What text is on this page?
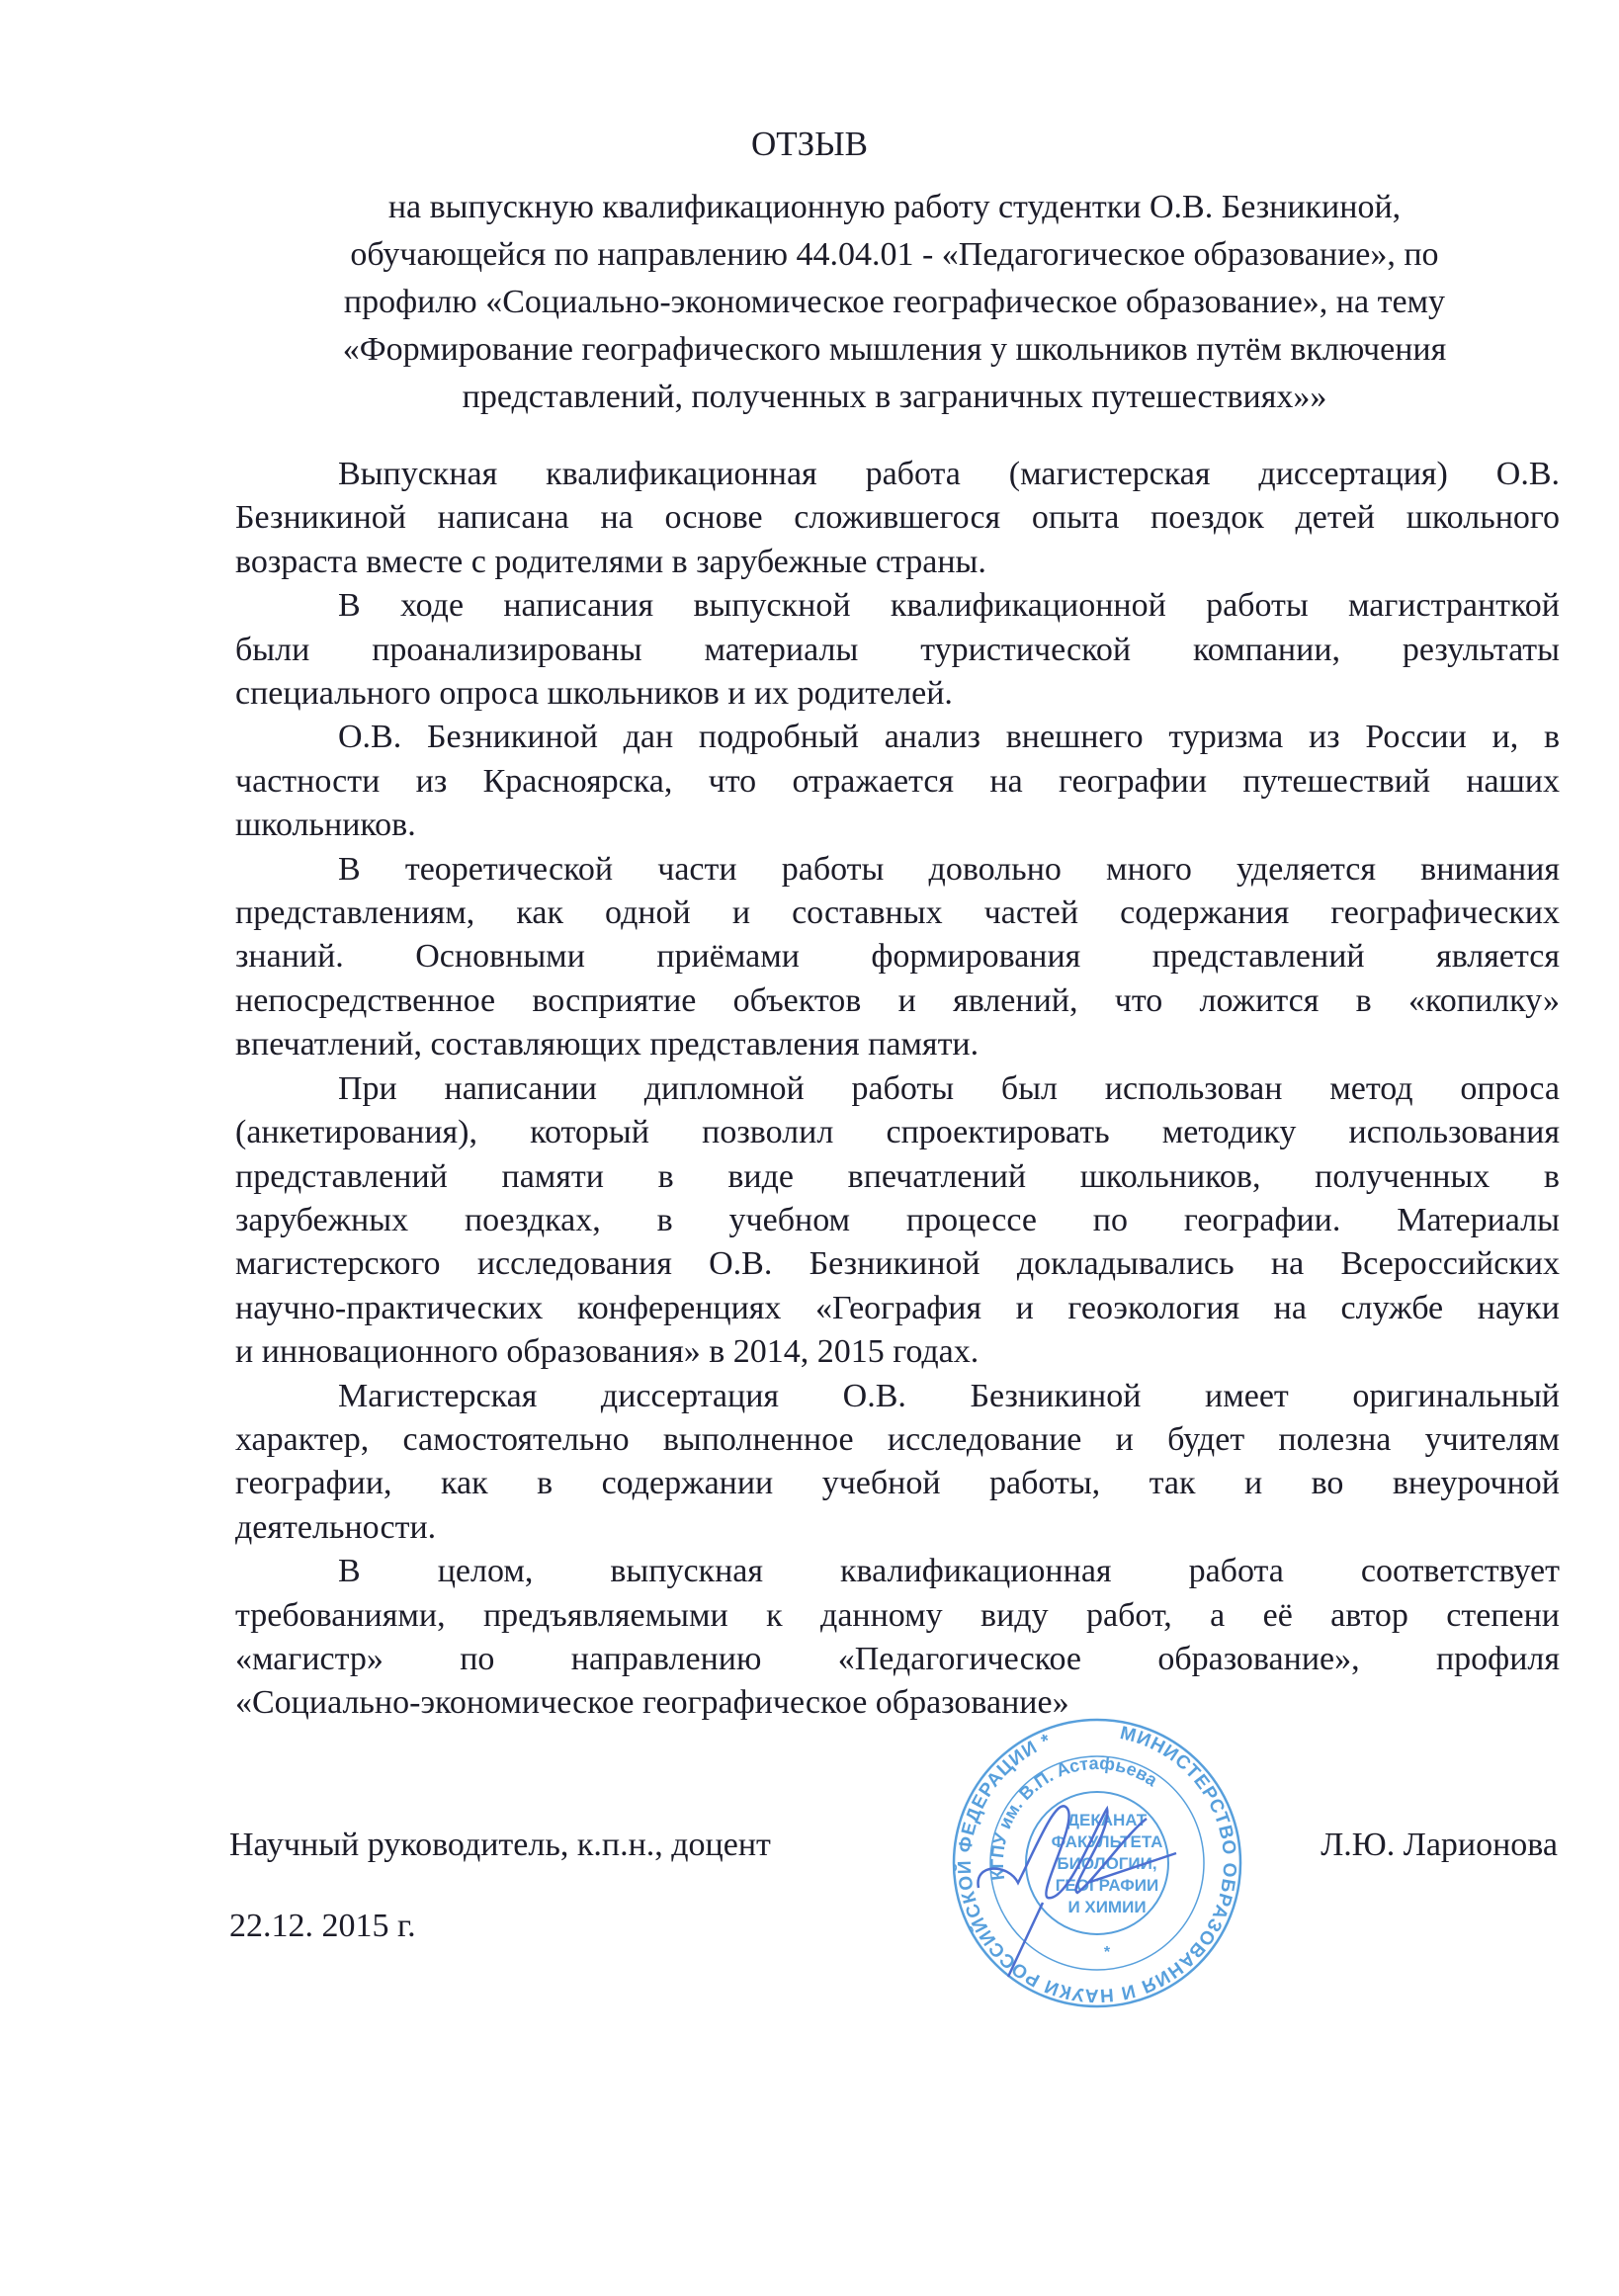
ОТЗЫВ
на выпускную квалификационную работу студентки О.В. Безникиной,
обучающейся по направлению 44.04.01 - «Педагогическое образование», по
профилю «Социально-экономическое географическое образование», на тему
«Формирование географического мышления у школьников путём включения
представлений, полученных в заграничных путешествиях»»
Выпускная квалификационная работа (магистерская диссертация) О.В.
Безникиной написана на основе сложившегося опыта поездок детей школьного
возраста вместе с родителями в зарубежные страны.
В ходе написания выпускной квалификационной работы магистранткой
были проанализированы материалы туристической компании, результаты
специального опроса школьников и их родителей.
О.В. Безникиной дан подробный анализ внешнего туризма из России и, в
частности из Красноярска, что отражается на географии путешествий наших
школьников.
В теоретической части работы довольно много уделяется внимания
представлениям, как одной и составных частей содержания географических
знаний. Основными приёмами формирования представлений является
непосредственное восприятие объектов и явлений, что ложится в «копилку»
впечатлений, составляющих представления памяти.
При написании дипломной работы был использован метод опроса
(анкетирования), который позволил спроектировать методику использования
представлений памяти в виде впечатлений школьников, полученных в
зарубежных поездках, в учебном процессе по географии. Материалы
магистерского исследования О.В. Безникиной докладывались на Всероссийских
научно-практических конференциях «География и геоэкология на службе науки
и инновационного образования» в 2014, 2015 годах.
Магистерская диссертация О.В. Безникиной имеет оригинальный
характер, самостоятельно выполненное исследование и будет полезна учителям
географии, как в содержании учебной работы, так и во внеурочной
деятельности.
В целом, выпускная квалификационная работа соответствует
требованиями, предъявляемыми к данному виду работ, а её автор степени
«магистр» по направлению «Педагогическое образование», профиля
«Социально-экономическое географическое образование»
Научный руководитель, к.п.н., доцент	Л.Ю. Ларионова
22.12. 2015 г.
МИНИСТЕРСТВО ОБРАЗОВАНИЯ И НАУКИ РОССИЙСКОЙ ФЕДЕРАЦИИ *
КГПУ им. В.П. Астафьева
ДЕКАНАТ
ФАКУЛЬТЕТА
БИОЛОГИИ,
ГЕОГРАФИИ
И ХИМИИ
*
